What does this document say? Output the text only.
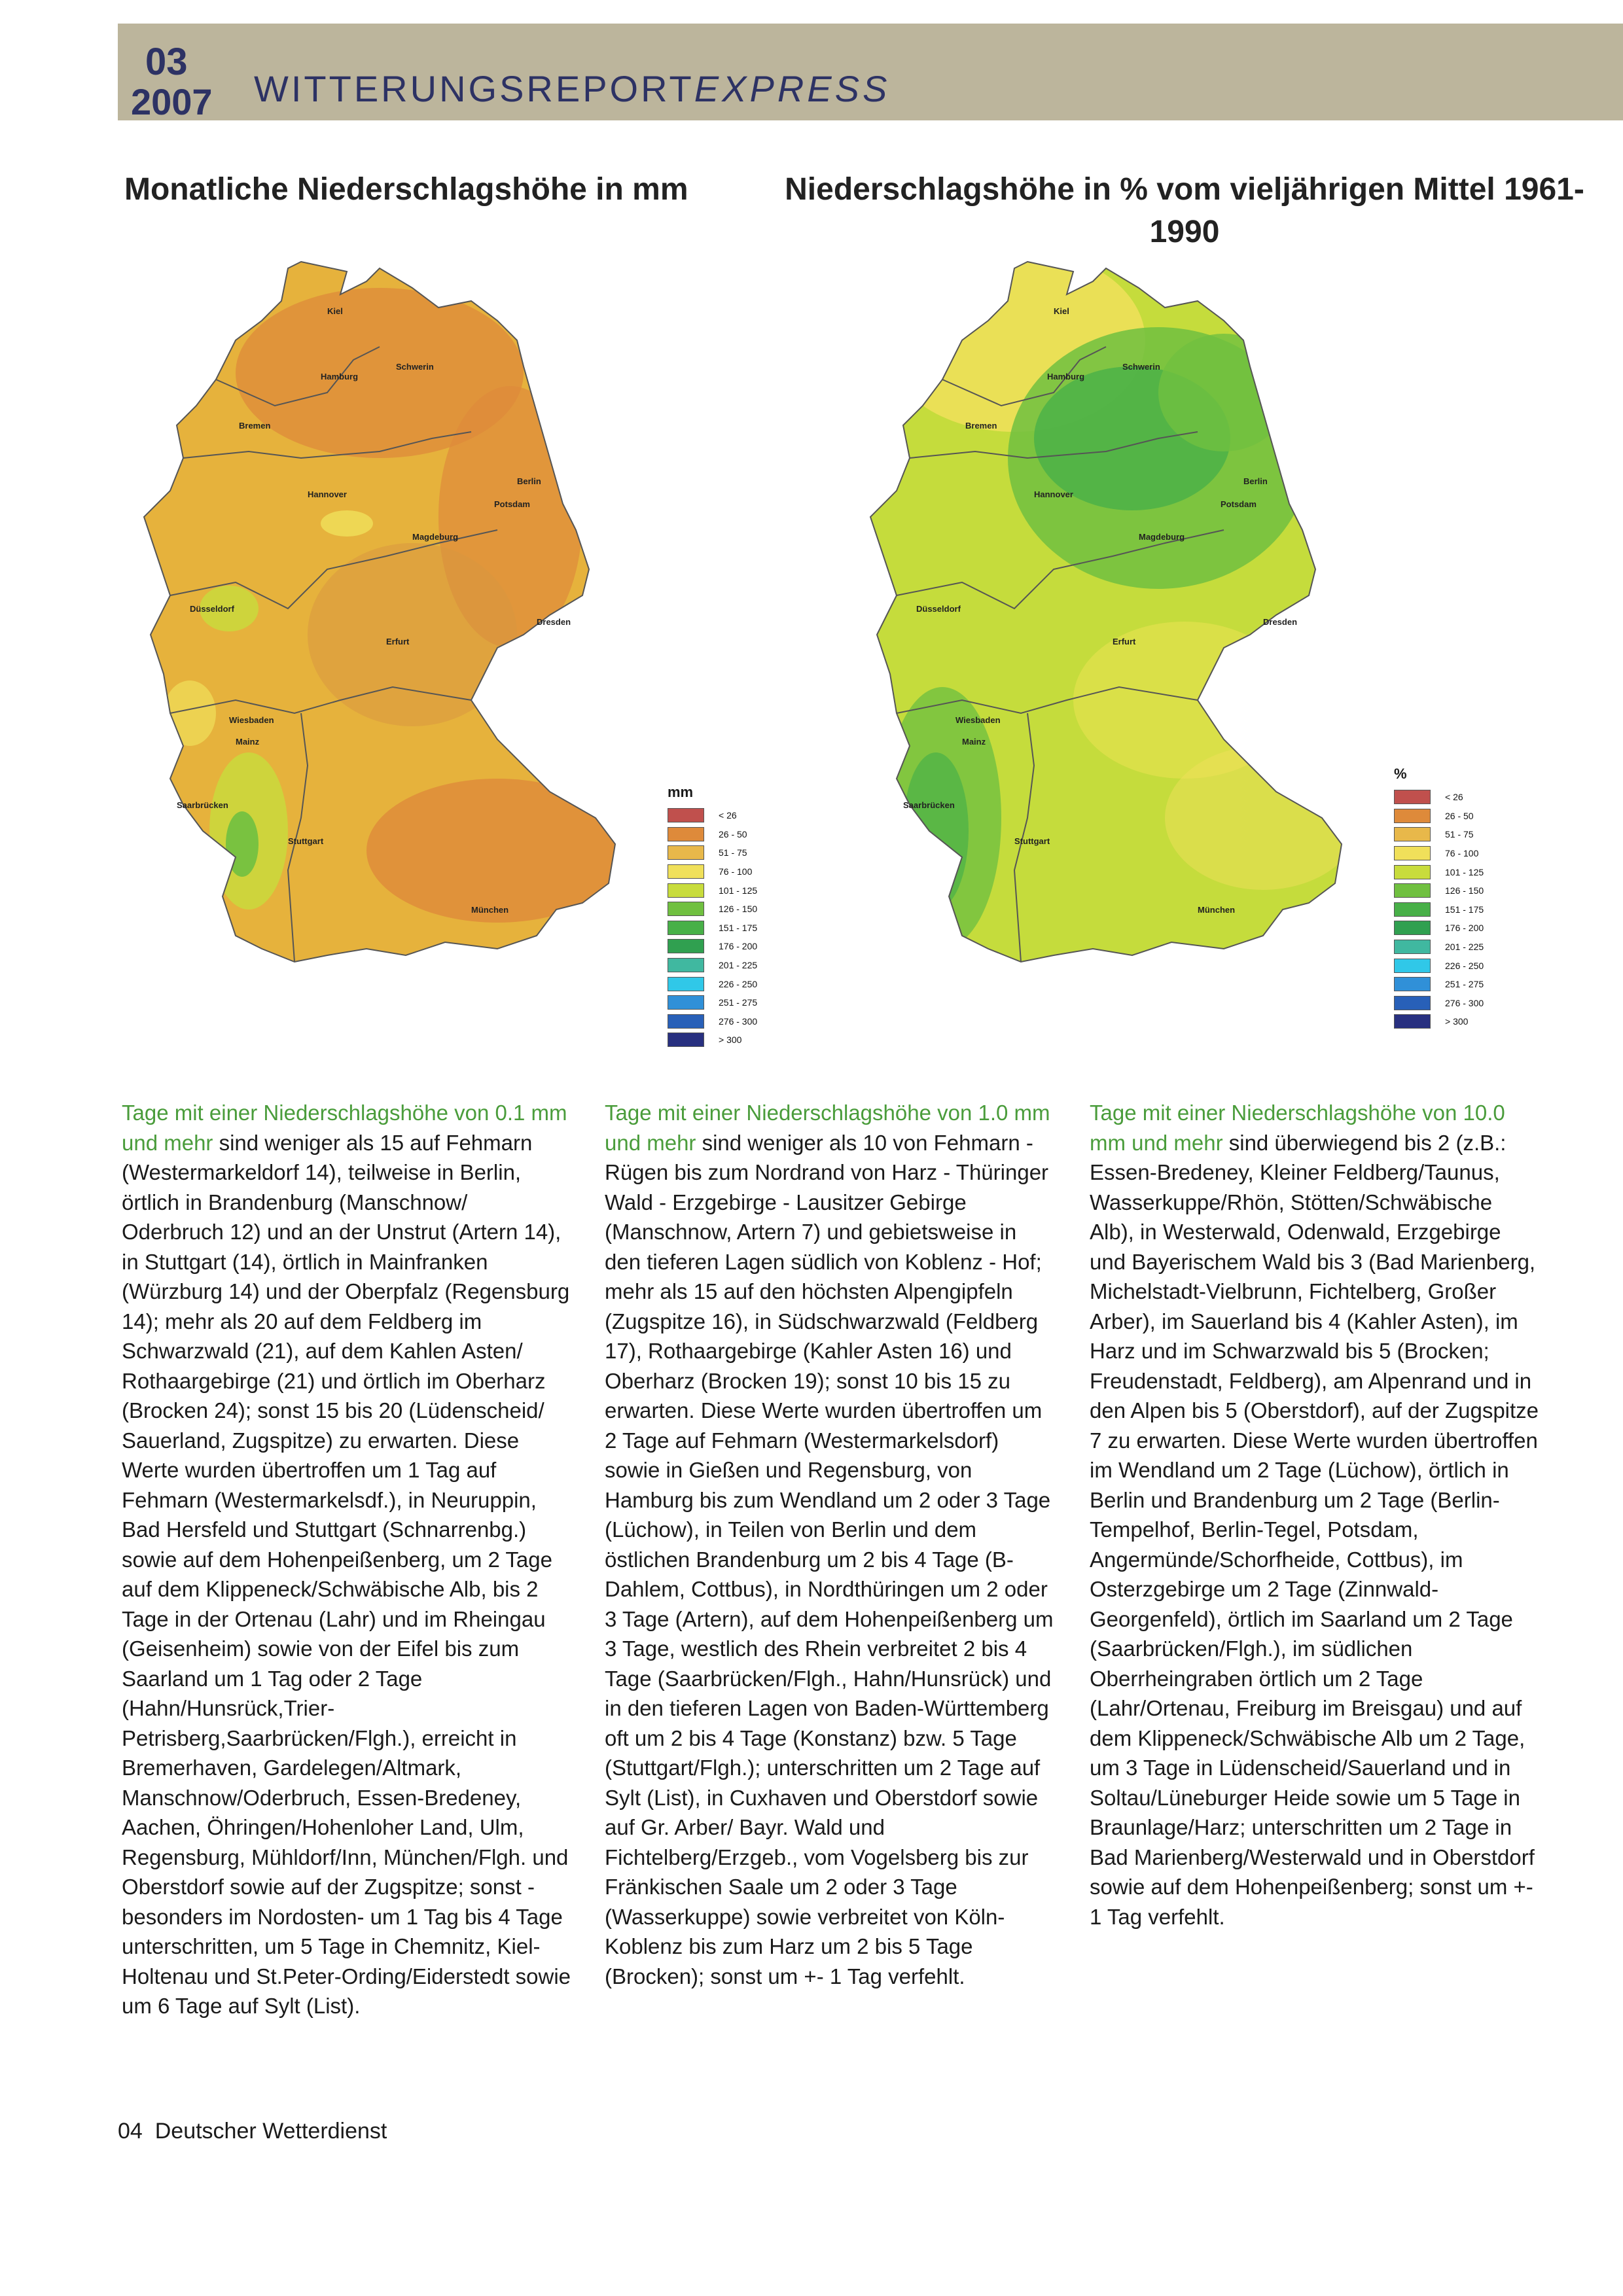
03
2007 WITTERUNGSREPORTEXPRESS
Monatliche Niederschlagshöhe in mm	Niederschlagshöhe in % vom vieljährigen Mittel 1961-1990
Kiel
Hamburg
Schwerin
Bremen
Berlin
Hannover
Potsdam
Magdeburg
Düsseldorf
Dresden
Erfurt
Wiesbaden
Mainz
Saarbrücken
Stuttgart
München
mm
< 26
26 - 50
51 - 75
76 - 100
101 - 125
126 - 150
151 - 175
176 - 200
201 - 225
226 - 250
251 - 275
276 - 300
> 300
Kiel
Hamburg
Schwerin
Bremen
Berlin
Hannover
Potsdam
Magdeburg
Düsseldorf
Dresden
Erfurt
Wiesbaden
Mainz
Saarbrücken
Stuttgart
München
%
< 26
26 - 50
51 - 75
76 - 100
101 - 125
126 - 150
151 - 175
176 - 200
201 - 225
226 - 250
251 - 275
276 - 300
> 300
Tage mit einer Niederschlagshöhe von 0.1 mm und mehr sind weniger als 15 auf Fehmarn (Westermarkeldorf 14), teilweise in Berlin, örtlich in Brandenburg (Manschnow/ Oderbruch 12) und an der Unstrut (Artern 14), in Stuttgart (14), örtlich in Mainfranken (Würzburg 14) und der Oberpfalz (Regensburg 14); mehr als 20 auf dem Feldberg im Schwarzwald (21), auf dem Kahlen Asten/ Rothaargebirge (21) und örtlich im Oberharz (Brocken 24); sonst 15 bis 20 (Lüdenscheid/ Sauerland, Zugspitze) zu erwarten. Diese Werte wurden übertroffen um 1 Tag auf Fehmarn (Westermarkelsdf.), in Neuruppin, Bad Hersfeld und Stuttgart (Schnarrenbg.) sowie auf dem Hohenpeißenberg, um 2 Tage auf dem Klippeneck/Schwäbische Alb, bis 2 Tage in der Ortenau (Lahr) und im Rheingau (Geisenheim) sowie von der Eifel bis zum Saarland um 1 Tag oder 2 Tage (Hahn/Hunsrück,Trier-Petrisberg,Saarbrücken/Flgh.), erreicht in Bremerhaven, Gardelegen/Altmark, Manschnow/Oderbruch, Essen-Bredeney, Aachen, Öhringen/Hohenloher Land, Ulm, Regensburg, Mühldorf/Inn, München/Flgh. und Oberstdorf sowie auf der Zugspitze; sonst -besonders im Nordosten- um 1 Tag bis 4 Tage unterschritten, um 5 Tage in Chemnitz, Kiel-Holtenau und St.Peter-Ording/Eiderstedt sowie um 6 Tage auf Sylt (List).
Tage mit einer Niederschlagshöhe von 1.0 mm und mehr sind weniger als 10 von Fehmarn - Rügen bis zum Nordrand von Harz - Thüringer Wald - Erzgebirge - Lausitzer Gebirge (Manschnow, Artern 7) und gebietsweise in den tieferen Lagen südlich von Koblenz - Hof; mehr als 15 auf den höchsten Alpengipfeln (Zugspitze 16), in Südschwarzwald (Feldberg 17), Rothaargebirge (Kahler Asten 16) und Oberharz (Brocken 19); sonst 10 bis 15 zu erwarten. Diese Werte wurden übertroffen um 2 Tage auf Fehmarn (Westermarkelsdorf) sowie in Gießen und Regensburg, von Hamburg bis zum Wendland um 2 oder 3 Tage (Lüchow), in Teilen von Berlin und dem östlichen Brandenburg um 2 bis 4 Tage (B-Dahlem, Cottbus), in Nordthüringen um 2 oder 3 Tage (Artern), auf dem Hohenpeißenberg um 3 Tage, westlich des Rhein verbreitet 2 bis 4 Tage (Saarbrücken/Flgh., Hahn/Hunsrück) und in den tieferen Lagen von Baden-Württemberg oft um 2 bis 4 Tage (Konstanz) bzw. 5 Tage (Stuttgart/Flgh.); unterschritten um 2 Tage auf Sylt (List), in Cuxhaven und Oberstdorf sowie auf Gr. Arber/ Bayr. Wald und Fichtelberg/Erzgeb., vom Vogelsberg bis zur Fränkischen Saale um 2 oder 3 Tage (Wasserkuppe) sowie verbreitet von Köln-Koblenz bis zum Harz um 2 bis 5 Tage (Brocken); sonst um +- 1 Tag verfehlt.
Tage mit einer Niederschlagshöhe von 10.0 mm und mehr sind überwiegend bis 2 (z.B.: Essen-Bredeney, Kleiner Feldberg/Taunus, Wasserkuppe/Rhön, Stötten/Schwäbische Alb), in Westerwald, Odenwald, Erzgebirge und Bayerischem Wald bis 3 (Bad Marienberg, Michelstadt-Vielbrunn, Fichtelberg, Großer Arber), im Sauerland bis 4 (Kahler Asten), im Harz und im Schwarzwald bis 5 (Brocken; Freudenstadt, Feldberg), am Alpenrand und in den Alpen bis 5 (Oberstdorf), auf der Zugspitze 7 zu erwarten. Diese Werte wurden übertroffen im Wendland um 2 Tage (Lüchow), örtlich in Berlin und Brandenburg um 2 Tage (Berlin-Tempelhof, Berlin-Tegel, Potsdam, Angermünde/Schorfheide, Cottbus), im Osterzgebirge um 2 Tage (Zinnwald-Georgenfeld), örtlich im Saarland um 2 Tage (Saarbrücken/Flgh.), im südlichen Oberrheingraben örtlich um 2 Tage (Lahr/Ortenau, Freiburg im Breisgau) und auf dem Klippeneck/Schwäbische Alb um 2 Tage, um 3 Tage in Lüdenscheid/Sauerland und in Soltau/Lüneburger Heide sowie um 5 Tage in Braunlage/Harz; unterschritten um 2 Tage in Bad Marienberg/Westerwald und in Oberstdorf sowie auf dem Hohenpeißenberg; sonst um +- 1 Tag verfehlt.
04 Deutscher Wetterdienst
